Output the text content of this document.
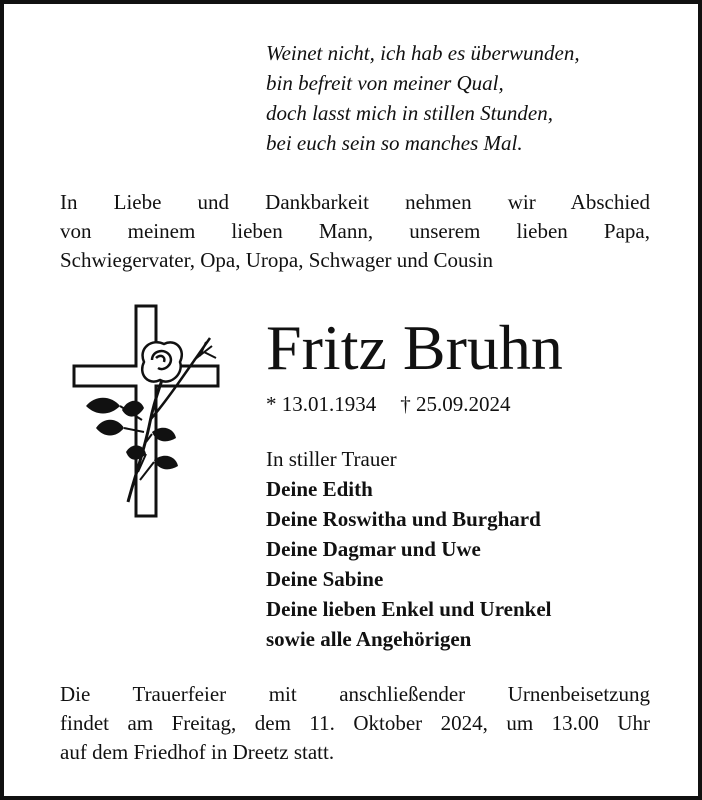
Weinet nicht, ich hab es überwunden,
bin befreit von meiner Qual,
doch lasst mich in stillen Stunden,
bei euch sein so manches Mal.
In Liebe und Dankbarkeit nehmen wir Abschied
von meinem lieben Mann, unserem lieben Papa,
Schwiegervater, Opa, Uropa, Schwager und Cousin
Fritz Bruhn
* 13.01.1934 † 25.09.2024
In stiller Trauer
Deine Edith
Deine Roswitha und Burghard
Deine Dagmar und Uwe
Deine Sabine
Deine lieben Enkel und Urenkel
sowie alle Angehörigen
Die Trauerfeier mit anschließender Urnenbeisetzung
findet am Freitag, dem 11. Oktober 2024, um 13.00 Uhr
auf dem Friedhof in Dreetz statt.
